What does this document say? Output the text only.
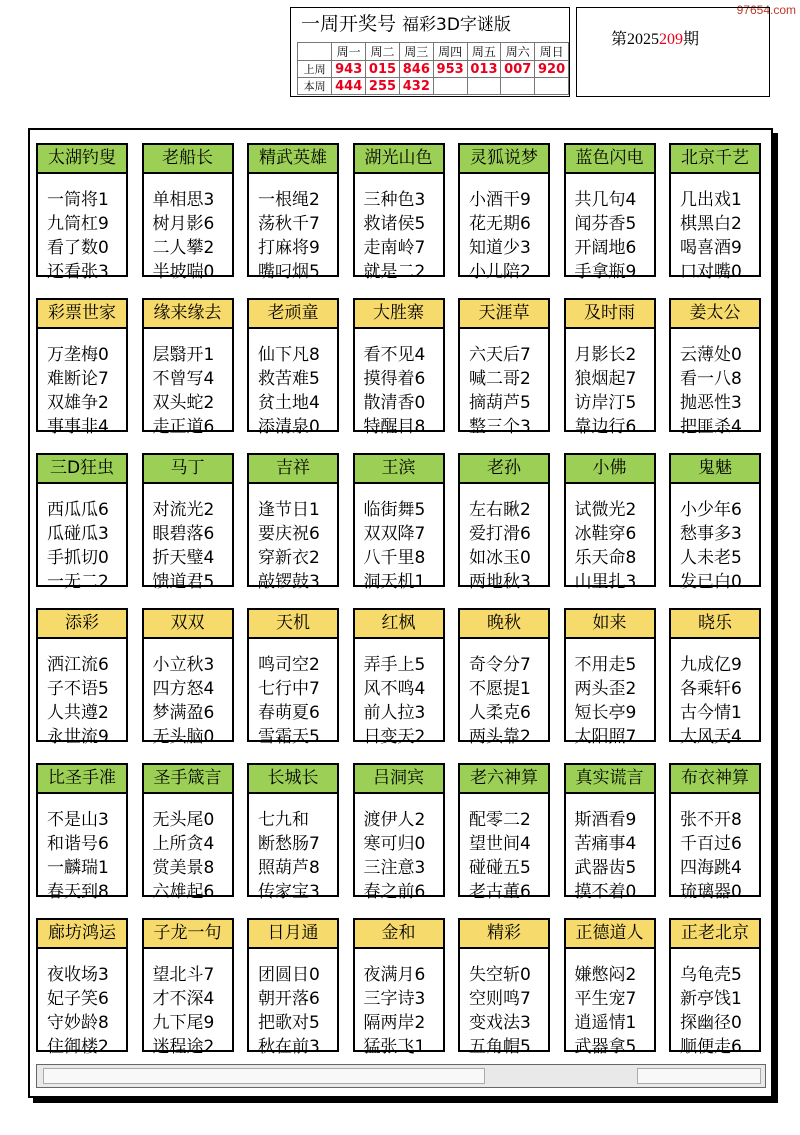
97654.com
一周开奖号 福彩3D字谜版
	周一	周二	周三	周四	周五	周六	周日
上周	943	015	846	953	013	007	920
本周	444	255	432				
第2025209期
太湖钓叟
一筒将1
九筒杠9
看了数0
还看张3
老船长
单相思3
树月影6
二人攀2
半坡喘0
精武英雄
一根绳2
荡秋千7
打麻将9
嘴叼烟5
湖光山色
三种色3
救诸侯5
走南岭7
就是二2
灵狐说梦
小酒干9
花无期6
知道少3
小儿陪2
蓝色闪电
共几句4
闻芬香5
开阔地6
手拿瓶9
北京千艺
几出戏1
棋黑白2
喝喜酒9
口对嘴0
彩票世家
万垄梅0
难断论7
双雄争2
事事非4
缘来缘去
层翳开1
不曾写4
双头蛇2
走正道6
老顽童
仙下凡8
救苦难5
贫土地4
添清泉0
大胜寨
看不见4
摸得着6
散清香0
特醒目8
天涯草
六天后7
喊二哥2
摘葫芦5
整三个3
及时雨
月影长2
狼烟起7
访岸汀5
靠边行6
姜太公
云薄处0
看一八8
抛恶性3
把匪杀4
三D狂虫
西瓜瓜6
瓜碰瓜3
手抓切0
一无二2
马丁
对流光2
眼碧落6
折天璧4
馈道君5
吉祥
逢节日1
要庆祝6
穿新衣2
敲锣鼓3
王滨
临街舞5
双双降7
八千里8
洞天机1
老孙
左右瞅2
爱打滑6
如冰玉0
两地秋3
小佛
试微光2
冰鞋穿6
乐天命8
山里扎3
鬼魅
小少年6
愁事多3
人未老5
发已白0
添彩
洒江流6
子不语5
人共遵2
永世流9
双双
小立秋3
四方怒4
梦满盈6
无头脑0
天机
鸣司空2
七行中7
春萌夏6
雪霜天5
红枫
弄手上5
风不鸣4
前人拉3
日变天2
晚秋
奇令分7
不愿提1
人柔克6
两头靠2
如来
不用走5
两头歪2
短长亭9
太阳照7
晓乐
九成亿9
各乘轩6
古今情1
大风天4
比圣手准
不是山3
和谐号6
一麟瑞1
春天到8
圣手箴言
无头尾0
上所贪4
赏美景8
六雄起6
长城长
七九和
断愁肠7
照葫芦8
传家宝3
吕洞宾
渡伊人2
寒可归0
三注意3
春之前6
老六神算
配零二2
望世间4
碰碰五5
老古董6
真实谎言
斯酒看9
苦痛事4
武器齿5
摸不着0
布衣神算
张不开8
千百过6
四海跳4
琉璃器0
廊坊鸿运
夜收场3
妃子笑6
守妙龄8
住御楼2
子龙一句
望北斗7
才不深4
九下尾9
迷程途2
日月通
团圆日0
朝开落6
把歌对5
秋在前3
金和
夜满月6
三字诗3
隔两岸2
猛张飞1
精彩
失空斩0
空则鸣7
变戏法3
五角帽5
正德道人
嫌憋闷2
平生宠7
逍遥情1
武器拿5
正老北京
乌龟壳5
新亭饯1
探幽径0
顺便走6
